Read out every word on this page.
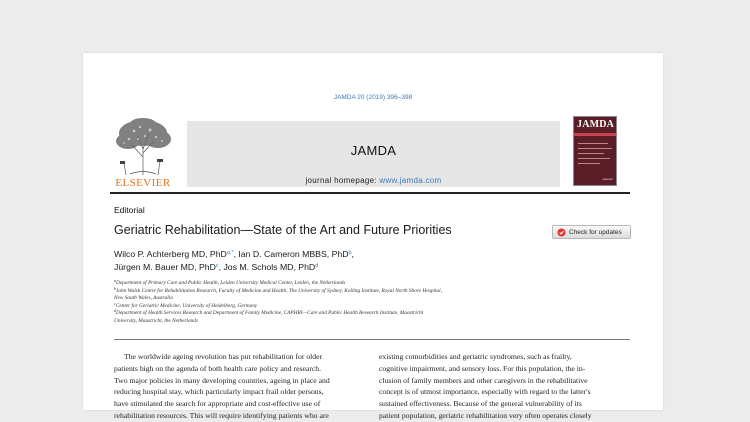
JAMDA 20 (2019) 396–398
ELSEVIER
JAMDA
journal homepage: www.jamda.com
JAMDA
elsevier
Editorial
Geriatric Rehabilitation—State of the Art and Future Priorities	Check for updates
Wilco P. Achterberg MD, PhD$^{a,*}$, Ian D. Cameron MBBS, PhD$^b$,
Jürgen M. Bauer MD, PhD$^c$, Jos M. Schols MD, PhD$^d$
$^a$Department of Primary Care and Public Health, Leiden University Medical Center, Leiden, the Netherlands
$^b$John Walsh Centre for Rehabilitation Research, Faculty of Medicine and Health, The University of Sydney, Kolling Institute, Royal North Shore Hospital,
New South Wales, Australia
$^c$Center for Geriatric Medicine, University of Heidelberg, Germany
$^d$Department of Health Services Research and Department of Family Medicine, CAPHRI—Care and Public Health Research Institute, Maastricht
University, Maastricht, the Netherlands
The worldwide ageing revolution has put rehabilitation for older
patients high on the agenda of both health care policy and research.
Two major policies in many developing countries, ageing in place and
reducing hospital stay, which particularly impact frail older persons,
have stimulated the search for appropriate and cost-effective use of
rehabilitation resources. This will require identifying patients who are
existing comorbidities and geriatric syndromes, such as frailty,
cognitive impairment, and sensory loss. For this population, the in-
clusion of family members and other caregivers in the rehabilitative
concept is of utmost importance, especially with regard to the latter's
sustained effectiveness. Because of the general vulnerability of its
patient population, geriatric rehabilitation very often operates closely
